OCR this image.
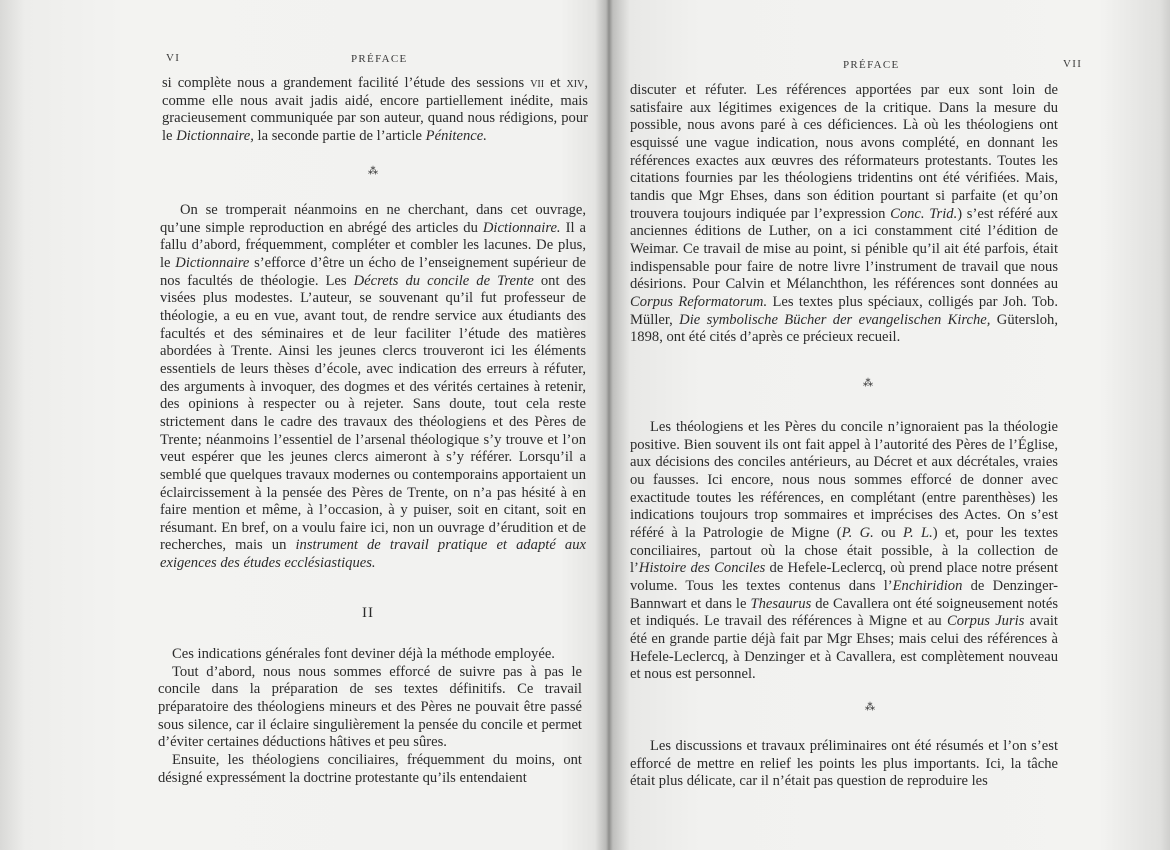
VI	PRÉFACE

si complète nous a grandement facilité l’étude des sessions vii et xiv, comme elle nous avait jadis aidé, encore partiellement inédite, mais gracieusement communiquée par son auteur, quand nous rédigions, pour le Dictionnaire, la seconde partie de l’article Pénitence.

⁂

On se tromperait néanmoins en ne cherchant, dans cet ouvrage, qu’une simple reproduction en abrégé des articles du Dictionnaire. Il a fallu d’abord, fréquemment, compléter et combler les lacunes. De plus, le Dictionnaire s’efforce d’être un écho de l’enseignement supérieur de nos facultés de théologie. Les Décrets du concile de Trente ont des visées plus modestes. L’auteur, se souvenant qu’il fut professeur de théologie, a eu en vue, avant tout, de rendre service aux étudiants des facultés et des séminaires et de leur faciliter l’étude des matières abordées à Trente. Ainsi les jeunes clercs trouveront ici les éléments essentiels de leurs thèses d’école, avec indication des erreurs à réfuter, des arguments à invoquer, des dogmes et des vérités certaines à retenir, des opinions à respecter ou à rejeter. Sans doute, tout cela reste strictement dans le cadre des travaux des théologiens et des Pères de Trente; néanmoins l’essentiel de l’arsenal théologique s’y trouve et l’on veut espérer que les jeunes clercs aimeront à s’y référer. Lorsqu’il a semblé que quelques travaux modernes ou contemporains apportaient un éclaircissement à la pensée des Pères de Trente, on n’a pas hésité à en faire mention et même, à l’occasion, à y puiser, soit en citant, soit en résumant. En bref, on a voulu faire ici, non un ouvrage d’érudition et de recherches, mais un instrument de travail pratique et adapté aux exigences des études ecclésiastiques.

II

Ces indications générales font deviner déjà la méthode employée.

Tout d’abord, nous nous sommes efforcé de suivre pas à pas le concile dans la préparation de ses textes définitifs. Ce travail préparatoire des théologiens mineurs et des Pères ne pouvait être passé sous silence, car il éclaire singulièrement la pensée du concile et permet d’éviter certaines déductions hâtives et peu sûres.

Ensuite, les théologiens conciliaires, fréquemment du moins, ont désigné expressément la doctrine protestante qu’ils entendaient

PRÉFACE	VII

discuter et réfuter. Les références apportées par eux sont loin de satisfaire aux légitimes exigences de la critique. Dans la mesure du possible, nous avons paré à ces déficiences. Là où les théologiens ont esquissé une vague indication, nous avons complété, en donnant les références exactes aux œuvres des réformateurs protestants. Toutes les citations fournies par les théologiens tridentins ont été vérifiées. Mais, tandis que Mgr Ehses, dans son édition pourtant si parfaite (et qu’on trouvera toujours indiquée par l’expression Conc. Trid.) s’est référé aux anciennes éditions de Luther, on a ici constamment cité l’édition de Weimar. Ce travail de mise au point, si pénible qu’il ait été parfois, était indispensable pour faire de notre livre l’instrument de travail que nous désirions. Pour Calvin et Mélanchthon, les références sont données au Corpus Reformatorum. Les textes plus spéciaux, colligés par Joh. Tob. Müller, Die symbolische Bücher der evangelischen Kirche, Gütersloh, 1898, ont été cités d’après ce précieux recueil.

⁂

Les théologiens et les Pères du concile n’ignoraient pas la théologie positive. Bien souvent ils ont fait appel à l’autorité des Pères de l’Église, aux décisions des conciles antérieurs, au Décret et aux décrétales, vraies ou fausses. Ici encore, nous nous sommes efforcé de donner avec exactitude toutes les références, en complétant (entre parenthèses) les indications toujours trop sommaires et imprécises des Actes. On s’est référé à la Patrologie de Migne (P. G. ou P. L.) et, pour les textes conciliaires, partout où la chose était possible, à la collection de l’Histoire des Conciles de Hefele-Leclercq, où prend place notre présent volume. Tous les textes contenus dans l’Enchiridion de Denzinger-Bannwart et dans le Thesaurus de Cavallera ont été soigneusement notés et indiqués. Le travail des références à Migne et au Corpus Juris avait été en grande partie déjà fait par Mgr Ehses; mais celui des références à Hefele-Leclercq, à Denzinger et à Cavallera, est complètement nouveau et nous est personnel.

⁂

Les discussions et travaux préliminaires ont été résumés et l’on s’est efforcé de mettre en relief les points les plus importants. Ici, la tâche était plus délicate, car il n’était pas question de reproduire les
